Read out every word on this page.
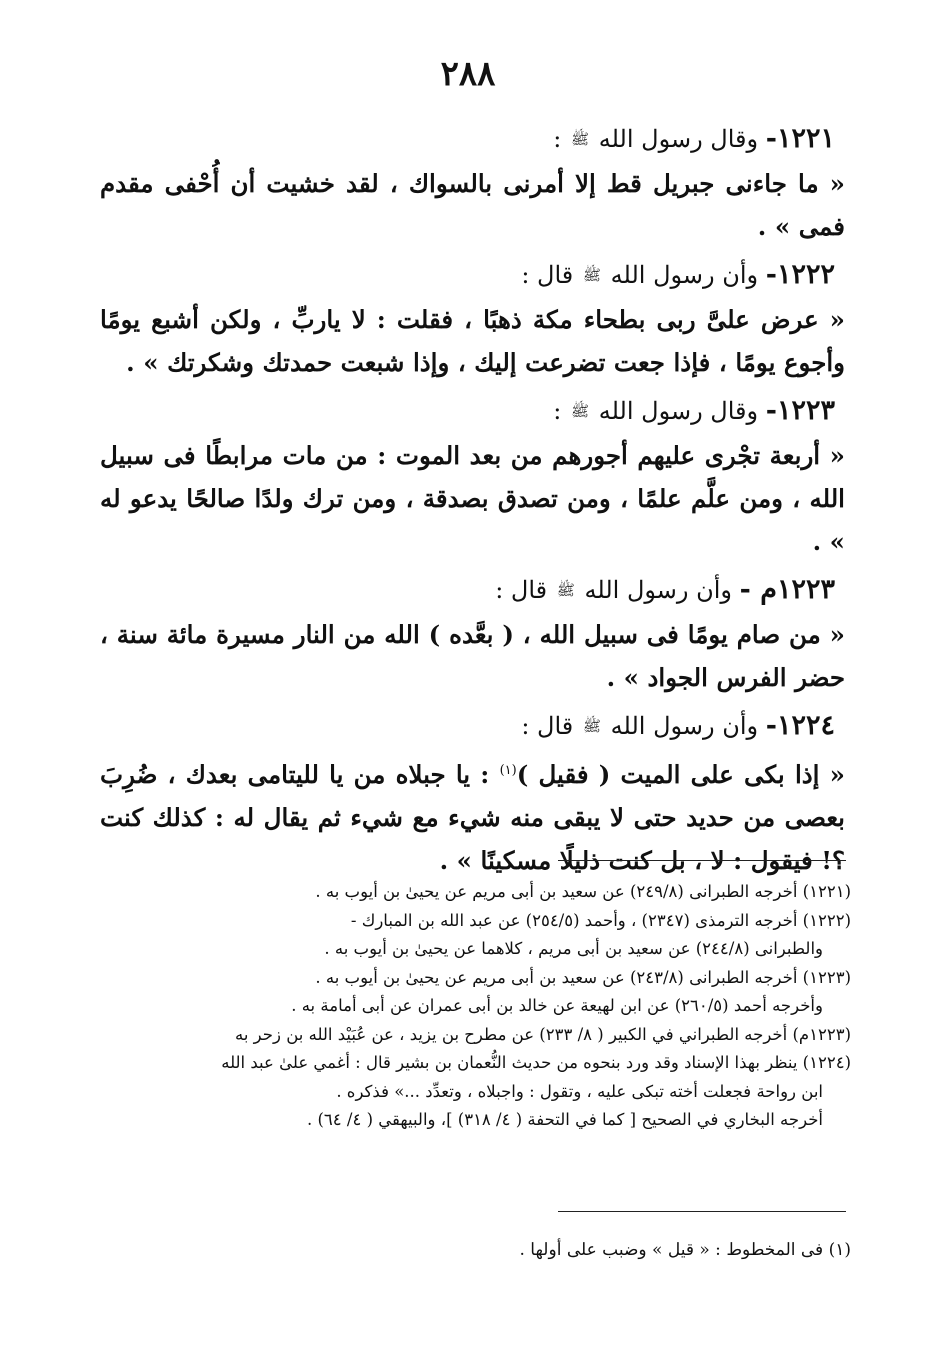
٢٨٨

١٢٢١- وقال رسول الله ﷺ :

« ما جاءنى جبريل قط إلا أمرنى بالسواك ، لقد خشيت أن أُحْفى مقدم فمى » .

١٢٢٢- وأن رسول الله ﷺ قال :

« عرض علىَّ ربى بطحاء مكة ذهبًا ، فقلت : لا ياربِّ ، ولكن أشبع يومًا وأجوع يومًا ، فإذا جعت تضرعت إليك ، وإذا شبعت حمدتك وشكرتك » .

١٢٢٣- وقال رسول الله ﷺ :

« أربعة تجْرى عليهم أجورهم من بعد الموت : من مات مرابطًا فى سبيل الله ، ومن علَّم علمًا ، ومن تصدق بصدقة ، ومن ترك ولدًا صالحًا يدعو له » .

١٢٢٣م - وأن رسول الله ﷺ قال :

« من صام يومًا فى سبيل الله ، ( بعَّده ) الله من النار مسيرة مائة سنة ، حضر الفرس الجواد » .

١٢٢٤- وأن رسول الله ﷺ قال :

« إذا بكى على الميت ( فقيل )$^{(١)}$ : يا جبلاه من يا لليتامى بعدك ، ضُرِبَ بعصى من حديد حتى لا يبقى منه شيء مع شيء ثم يقال له : كذلك كنت ؟! فيقول : لا ، بل كنت ذليلًا مسكينًا » .

(١٢٢١) أخرجه الطبرانى (٢٤٩/٨) عن سعيد بن أبى مريم عن يحيىٰ بن أيوب به .

(١٢٢٢) أخرجه الترمذى (٢٣٤٧) ، وأحمد (٢٥٤/٥) عن عبد الله بن المبارك -

والطبرانى (٢٤٤/٨) عن سعيد بن أبى مريم ، كلاهما عن يحيىٰ بن أيوب به .

(١٢٢٣) أخرجه الطبرانى (٢٤٣/٨) عن سعيد بن أبى مريم عن يحيىٰ بن أيوب به .

وأخرجه أحمد (٢٦٠/٥) عن ابن لهيعة عن خالد بن أبى عمران عن أبى أمامة به .

(١٢٢٣م) أخرجه الطبراني في الكبير ( ٨/ ٢٣٣) عن مطرح بن يزيد ، عن عُبَيْد الله بن زحر به

(١٢٢٤) ينظر بهذا الإسناد وقد ورد بنحوه من حديث النُّعمان بن بشير قال : أغمي علىٰ عبد الله

ابن رواحة فجعلت أخته تبكى عليه ، وتقول : واجبلاه ، وتعدِّد ...» فذكره .

أخرجه البخاري في الصحيح [ كما في التحفة ( ٤/ ٣١٨) ]، والبيهقي ( ٤/ ٦٤) .

(١) فى المخطوط : « قيل » وضبب على أولها .
